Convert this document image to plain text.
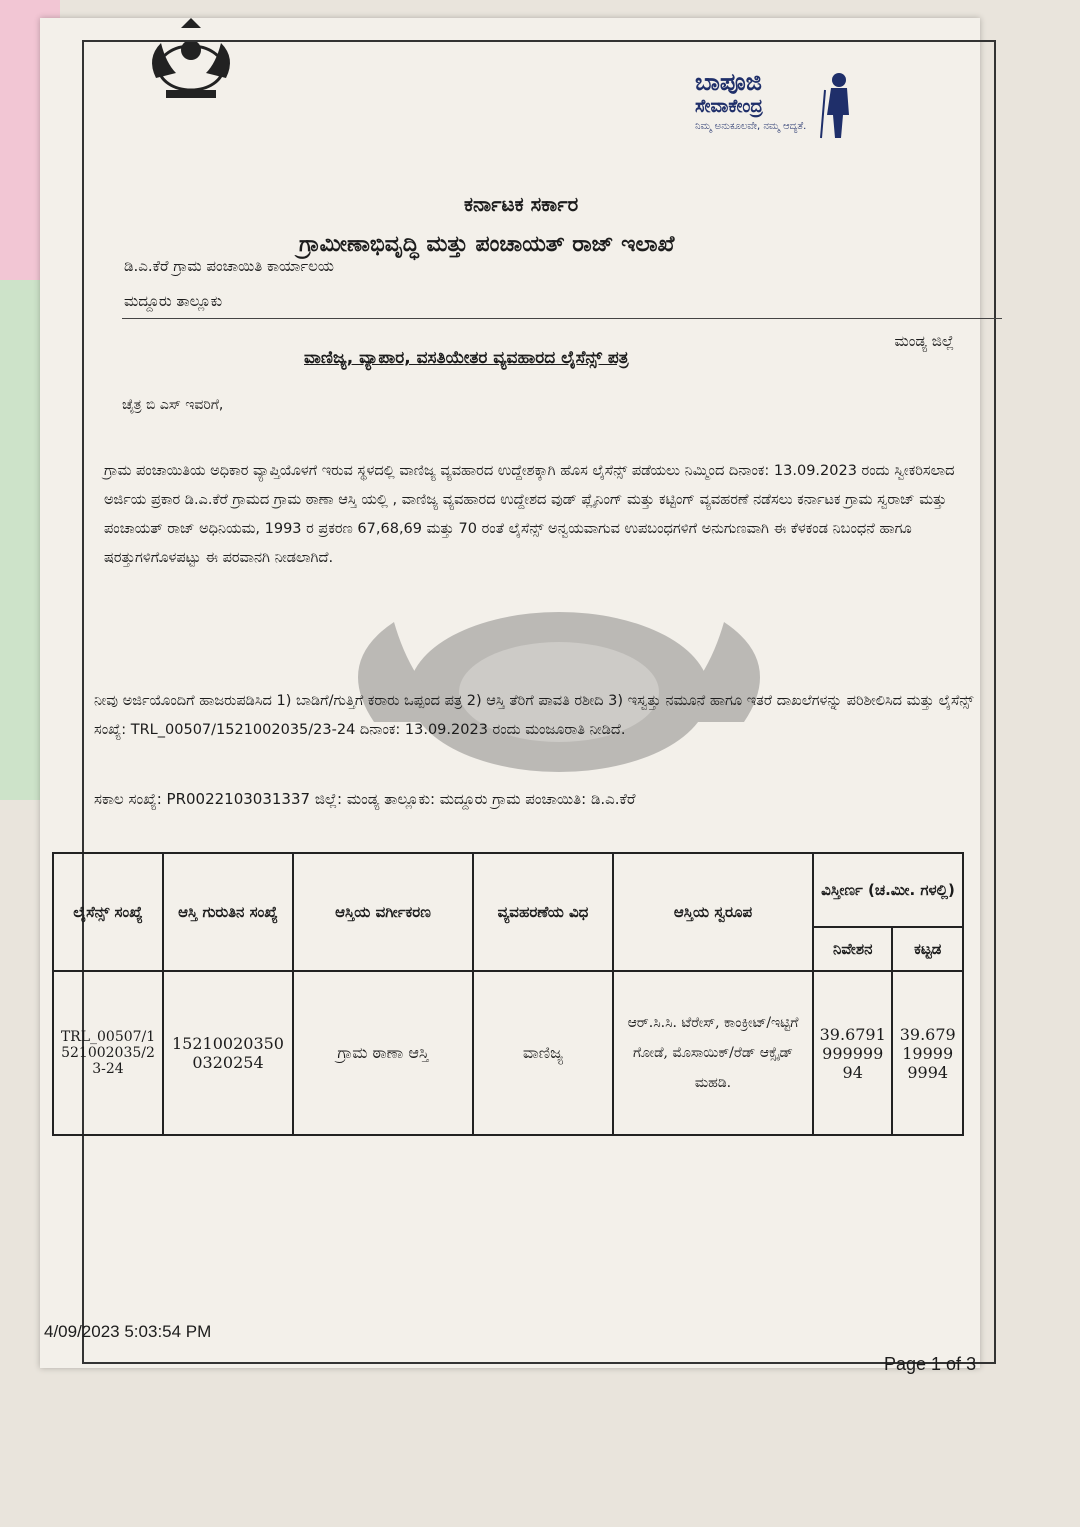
ಬಾಪೂಜಿ
ಸೇವಾಕೇಂದ್ರ
ನಿಮ್ಮ ಅನುಕೂಲವೇ, ನಮ್ಮ ಆದ್ಯತೆ.
ಕರ್ನಾಟಕ ಸರ್ಕಾರ
ಗ್ರಾಮೀಣಾಭಿವೃದ್ಧಿ ಮತ್ತು ಪಂಚಾಯತ್ ರಾಜ್ ಇಲಾಖೆ
ಡಿ.ಎ.ಕೆರೆ ಗ್ರಾಮ ಪಂಚಾಯಿತಿ ಕಾರ್ಯಾಲಯ
ಮದ್ದೂರು ತಾಲ್ಲೂಕು
ಮಂಡ್ಯ ಜಿಲ್ಲೆ
ವಾಣಿಜ್ಯ, ವ್ಯಾಪಾರ, ವಸತಿಯೇತರ ವ್ಯವಹಾರದ ಲೈಸೆನ್ಸ್ ಪತ್ರ
ಚೈತ್ರ ಬಿ ಎಸ್ ಇವರಿಗೆ,

ಗ್ರಾಮ ಪಂಚಾಯಿತಿಯ ಅಧಿಕಾರ ವ್ಯಾಪ್ತಿಯೊಳಗೆ ಇರುವ ಸ್ಥಳದಲ್ಲಿ ವಾಣಿಜ್ಯ ವ್ಯವಹಾರದ ಉದ್ದೇಶಕ್ಕಾಗಿ ಹೊಸ ಲೈಸೆನ್ಸ್ ಪಡೆಯಲು ನಿಮ್ಮಿಂದ ದಿನಾಂಕ: 13.09.2023 ರಂದು ಸ್ವೀಕರಿಸಲಾದ ಅರ್ಜಿಯ ಪ್ರಕಾರ ಡಿ.ಎ.ಕೆರೆ ಗ್ರಾಮದ ಗ್ರಾಮ ಠಾಣಾ ಆಸ್ತಿ ಯಲ್ಲಿ , ವಾಣಿಜ್ಯ ವ್ಯವಹಾರದ ಉದ್ದೇಶದ ವುಡ್ ಪ್ಲೈನಿಂಗ್ ಮತ್ತು ಕಟ್ಟಿಂಗ್ ವ್ಯವಹರಣೆ ನಡೆಸಲು ಕರ್ನಾಟಕ ಗ್ರಾಮ ಸ್ವರಾಜ್ ಮತ್ತು ಪಂಚಾಯತ್ ರಾಜ್ ಅಧಿನಿಯಮ, 1993 ರ ಪ್ರಕರಣ 67,68,69 ಮತ್ತು 70 ರಂತೆ ಲೈಸೆನ್ಸ್ ಅನ್ವಯವಾಗುವ ಉಪಬಂಧಗಳಿಗೆ ಅನುಗುಣವಾಗಿ ಈ ಕೆಳಕಂಡ ನಿಬಂಧನೆ ಹಾಗೂ ಷರತ್ತುಗಳಿಗೊಳಪಟ್ಟು ಈ ಪರವಾನಗಿ ನೀಡಲಾಗಿದೆ.

ನೀವು ಅರ್ಜಿಯೊಂದಿಗೆ ಹಾಜರುಪಡಿಸಿದ 1) ಬಾಡಿಗೆ/ಗುತ್ತಿಗೆ ಕರಾರು ಒಪ್ಪಂದ ಪತ್ರ 2) ಆಸ್ತಿ ತೆರಿಗೆ ಪಾವತಿ ರಶೀದಿ 3) ಇಸ್ವತ್ತು ನಮೂನೆ ಹಾಗೂ ಇತರೆ ದಾಖಲೆಗಳನ್ನು ಪರಿಶೀಲಿಸಿದ ಮತ್ತು ಲೈಸೆನ್ಸ್ ಸಂಖ್ಯೆ: TRL_00507/1521002035/23-24 ದಿನಾಂಕ: 13.09.2023 ರಂದು ಮಂಜೂರಾತಿ ನೀಡಿದೆ.

ಸಕಾಲ ಸಂಖ್ಯೆ: PR0022103031337 ಜಿಲ್ಲೆ: ಮಂಡ್ಯ ತಾಲ್ಲೂಕು: ಮದ್ದೂರು ಗ್ರಾಮ ಪಂಚಾಯಿತಿ: ಡಿ.ಎ.ಕೆರೆ
ಲೈಸೆನ್ಸ್ ಸಂಖ್ಯೆ	ಆಸ್ತಿ ಗುರುತಿನ ಸಂಖ್ಯೆ	ಆಸ್ತಿಯ ವರ್ಗೀಕರಣ	ವ್ಯವಹರಣೆಯ ವಿಧ	ಆಸ್ತಿಯ ಸ್ವರೂಪ	ವಿಸ್ತೀರ್ಣ (ಚ.ಮೀ. ಗಳಲ್ಲಿ)	
					ನಿವೇಶನ	ಕಟ್ಟಡ
TRL_00507/1521002035/23-24	152100203500320254	ಗ್ರಾಮ ಠಾಣಾ ಆಸ್ತಿ	ವಾಣಿಜ್ಯ	ಆರ್.ಸಿ.ಸಿ. ಟೆರೇಸ್, ಕಾಂಕ್ರೀಟ್/ಇಟ್ಟಿಗೆ ಗೋಡೆ, ಮೊಸಾಯಿಕ್/ರೆಡ್ ಆಕ್ಸೈಡ್ ಮಹಡಿ.	39.679199999994	39.679199999994
4/09/2023 5:03:54 PM
Page 1 of 3
